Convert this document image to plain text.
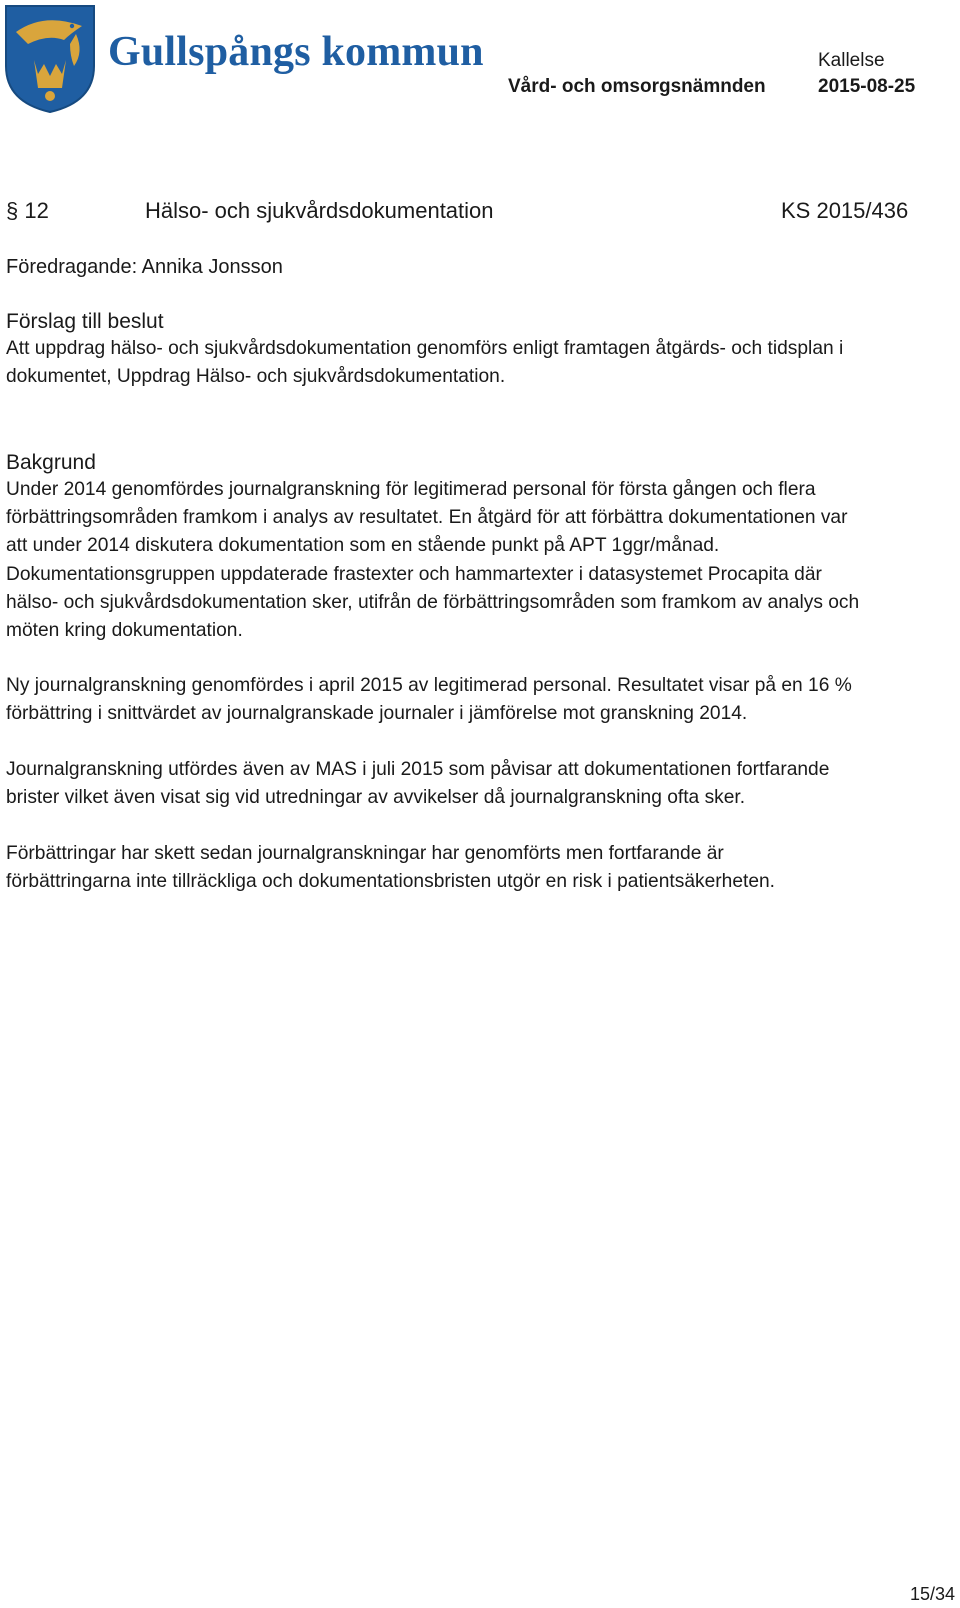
Gullspångs kommun	Kallelse
Vård- och omsorgsnämnden	2015-08-25
§ 12	Hälso- och sjukvårdsdokumentation	KS 2015/436
Föredragande: Annika Jonsson
Förslag till beslut

Att uppdrag hälso- och sjukvårdsdokumentation genomförs enligt framtagen åtgärds- och tidsplan i
dokumentet, Uppdrag Hälso- och sjukvårdsdokumentation.

Bakgrund

Under 2014 genomfördes journalgranskning för legitimerad personal för första gången och flera
förbättringsområden framkom i analys av resultatet. En åtgärd för att förbättra dokumentationen var
att under 2014 diskutera dokumentation som en stående punkt på APT 1ggr/månad.
Dokumentationsgruppen uppdaterade frastexter och hammartexter i datasystemet Procapita där
hälso- och sjukvårdsdokumentation sker, utifrån de förbättringsområden som framkom av analys och
möten kring dokumentation.

Ny journalgranskning genomfördes i april 2015 av legitimerad personal. Resultatet visar på en 16 %
förbättring i snittvärdet av journalgranskade journaler i jämförelse mot granskning 2014.

Journalgranskning utfördes även av MAS i juli 2015 som påvisar att dokumentationen fortfarande
brister vilket även visat sig vid utredningar av avvikelser då journalgranskning ofta sker.

Förbättringar har skett sedan journalgranskningar har genomförts men fortfarande är
förbättringarna inte tillräckliga och dokumentationsbristen utgör en risk i patientsäkerheten.

15/34
